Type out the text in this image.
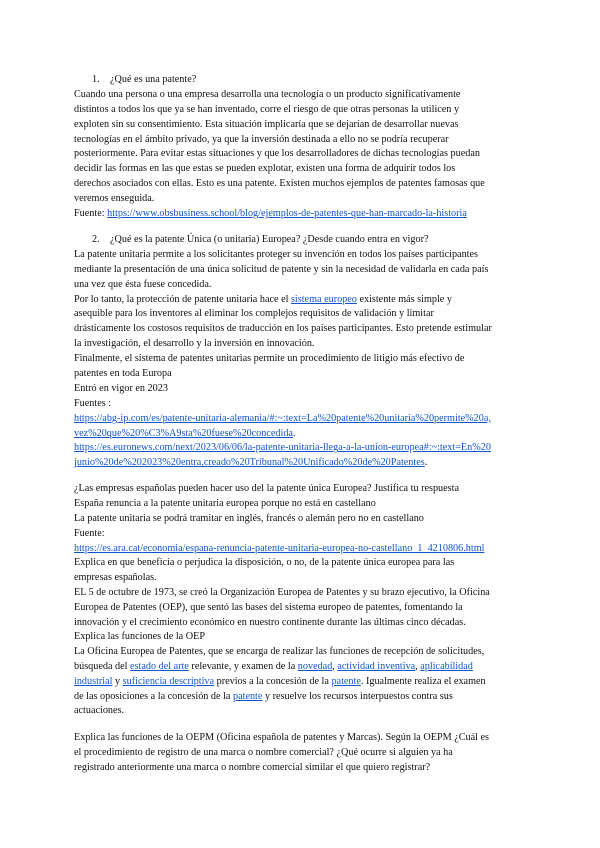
1. ¿Qué es una patente?
Cuando una persona o una empresa desarrolla una tecnología o un producto significativamente
distintos a todos los que ya se han inventado, corre el riesgo de que otras personas la utilicen y
exploten sin su consentimiento. Esta situación implicaría que se dejarían de desarrollar nuevas
tecnologías en el ámbito privado, ya que la inversión destinada a ello no se podría recuperar
posteriormente. Para evitar estas situaciones y que los desarrolladores de dichas tecnologías puedan
decidir las formas en las que estas se pueden explotar, existen una forma de adquirir todos los
derechos asociados con ellas. Esto es una patente. Existen muchos ejemplos de patentes famosas que
veremos enseguida.
Fuente: https://www.obsbusiness.school/blog/ejemplos-de-patentes-que-han-marcado-la-historia
2. ¿Qué es la patente Única (o unitaria) Europea? ¿Desde cuando entra en vigor?
La patente unitaria permite a los solicitantes proteger su invención en todos los países participantes
mediante la presentación de una única solicitud de patente y sin la necesidad de validarla en cada país
una vez que ésta fuese concedida.
Por lo tanto, la protección de patente unitaria hace el sistema europeo existente más simple y
asequible para los inventores al eliminar los complejos requisitos de validación y limitar
drásticamente los costosos requisitos de traducción en los países participantes. Esto pretende estimular
la investigación, el desarrollo y la inversión en innovación.
Finalmente, el sistema de patentes unitarias permite un procedimiento de litigio más efectivo de
patentes en toda Europa
Entró en vigor en 2023
Fuentes :
https://abg-ip.com/es/patente-unitaria-alemania/#:~:text=La%20patente%20unitaria%20permite%20a,
vez%20que%20%C3%A9sta%20fuese%20concedida.
https://es.euronews.com/next/2023/06/06/la-patente-unitaria-llega-a-la-union-europea#:~:text=En%20
junio%20de%202023%20entra,creado%20Tribunal%20Unificado%20de%20Patentes.
¿Las empresas españolas pueden hacer uso del la patente única Europea? Justifica tu respuesta
España renuncia a la patente unitaria europea porque no está en castellano
La patente unitaria se podrá tramitar en inglés, francés o alemán pero no en castellano
Fuente:
https://es.ara.cat/economia/espana-renuncia-patente-unitaria-europea-no-castellano_1_4210806.html
Explica en que beneficia o perjudica la disposición, o no, de la patente única europea para las
empresas españolas.
EL 5 de octubre de 1973, se creó la Organización Europea de Patentes y su brazo ejecutivo, la Oficina
Europea de Patentes (OEP), que sentó las bases del sistema europeo de patentes, fomentando la
innovación y el crecimiento económico en nuestro continente durante las últimas cinco décadas.
Explica las funciones de la OEP
La Oficina Europea de Patentes, que se encarga de realizar las funciones de recepción de solicitudes,
búsqueda del estado del arte relevante, y examen de la novedad, actividad inventiva, aplicabilidad
industrial y suficiencia descriptiva previos a la concesión de la patente. Igualmente realiza el examen
de las oposiciones a la concesión de la patente y resuelve los recursos interpuestos contra sus
actuaciones.
Explica las funciones de la OEPM (Oficina española de patentes y Marcas). Según la OEPM ¿Cuál es
el procedimiento de registro de una marca o nombre comercial? ¿Qué ocurre si alguien ya ha
registrado anteriormente una marca o nombre comercial similar el que quiero registrar?
